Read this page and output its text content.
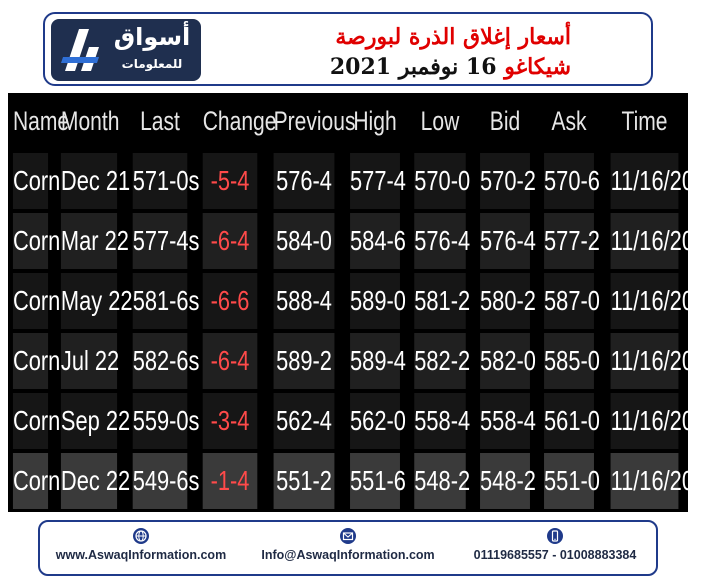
أسواق
للمعلومات
أسعار إغلاق الذرة لبورصة
شيكاغو 16 نوفمبر 2021
Name	Month	Last	Change	Previous	High	Low	Bid	Ask	Time
Corn	Dec 21	571-0s	-5-4	576-4	577-4	570-0	570-2	570-6	11/16/2021
Corn	Mar 22	577-4s	-6-4	584-0	584-6	576-4	576-4	577-2	11/16/2021
Corn	May 22	581-6s	-6-6	588-4	589-0	581-2	580-2	587-0	11/16/2021
Corn	Jul 22	582-6s	-6-4	589-2	589-4	582-2	582-0	585-0	11/16/2021
Corn	Sep 22	559-0s	-3-4	562-4	562-0	558-4	558-4	561-0	11/16/2021
Corn	Dec 22	549-6s	-1-4	551-2	551-6	548-2	548-2	551-0	11/16/2021
www.AswaqInformation.com	Info@AswaqInformation.com	01119685557 - 01008883384
